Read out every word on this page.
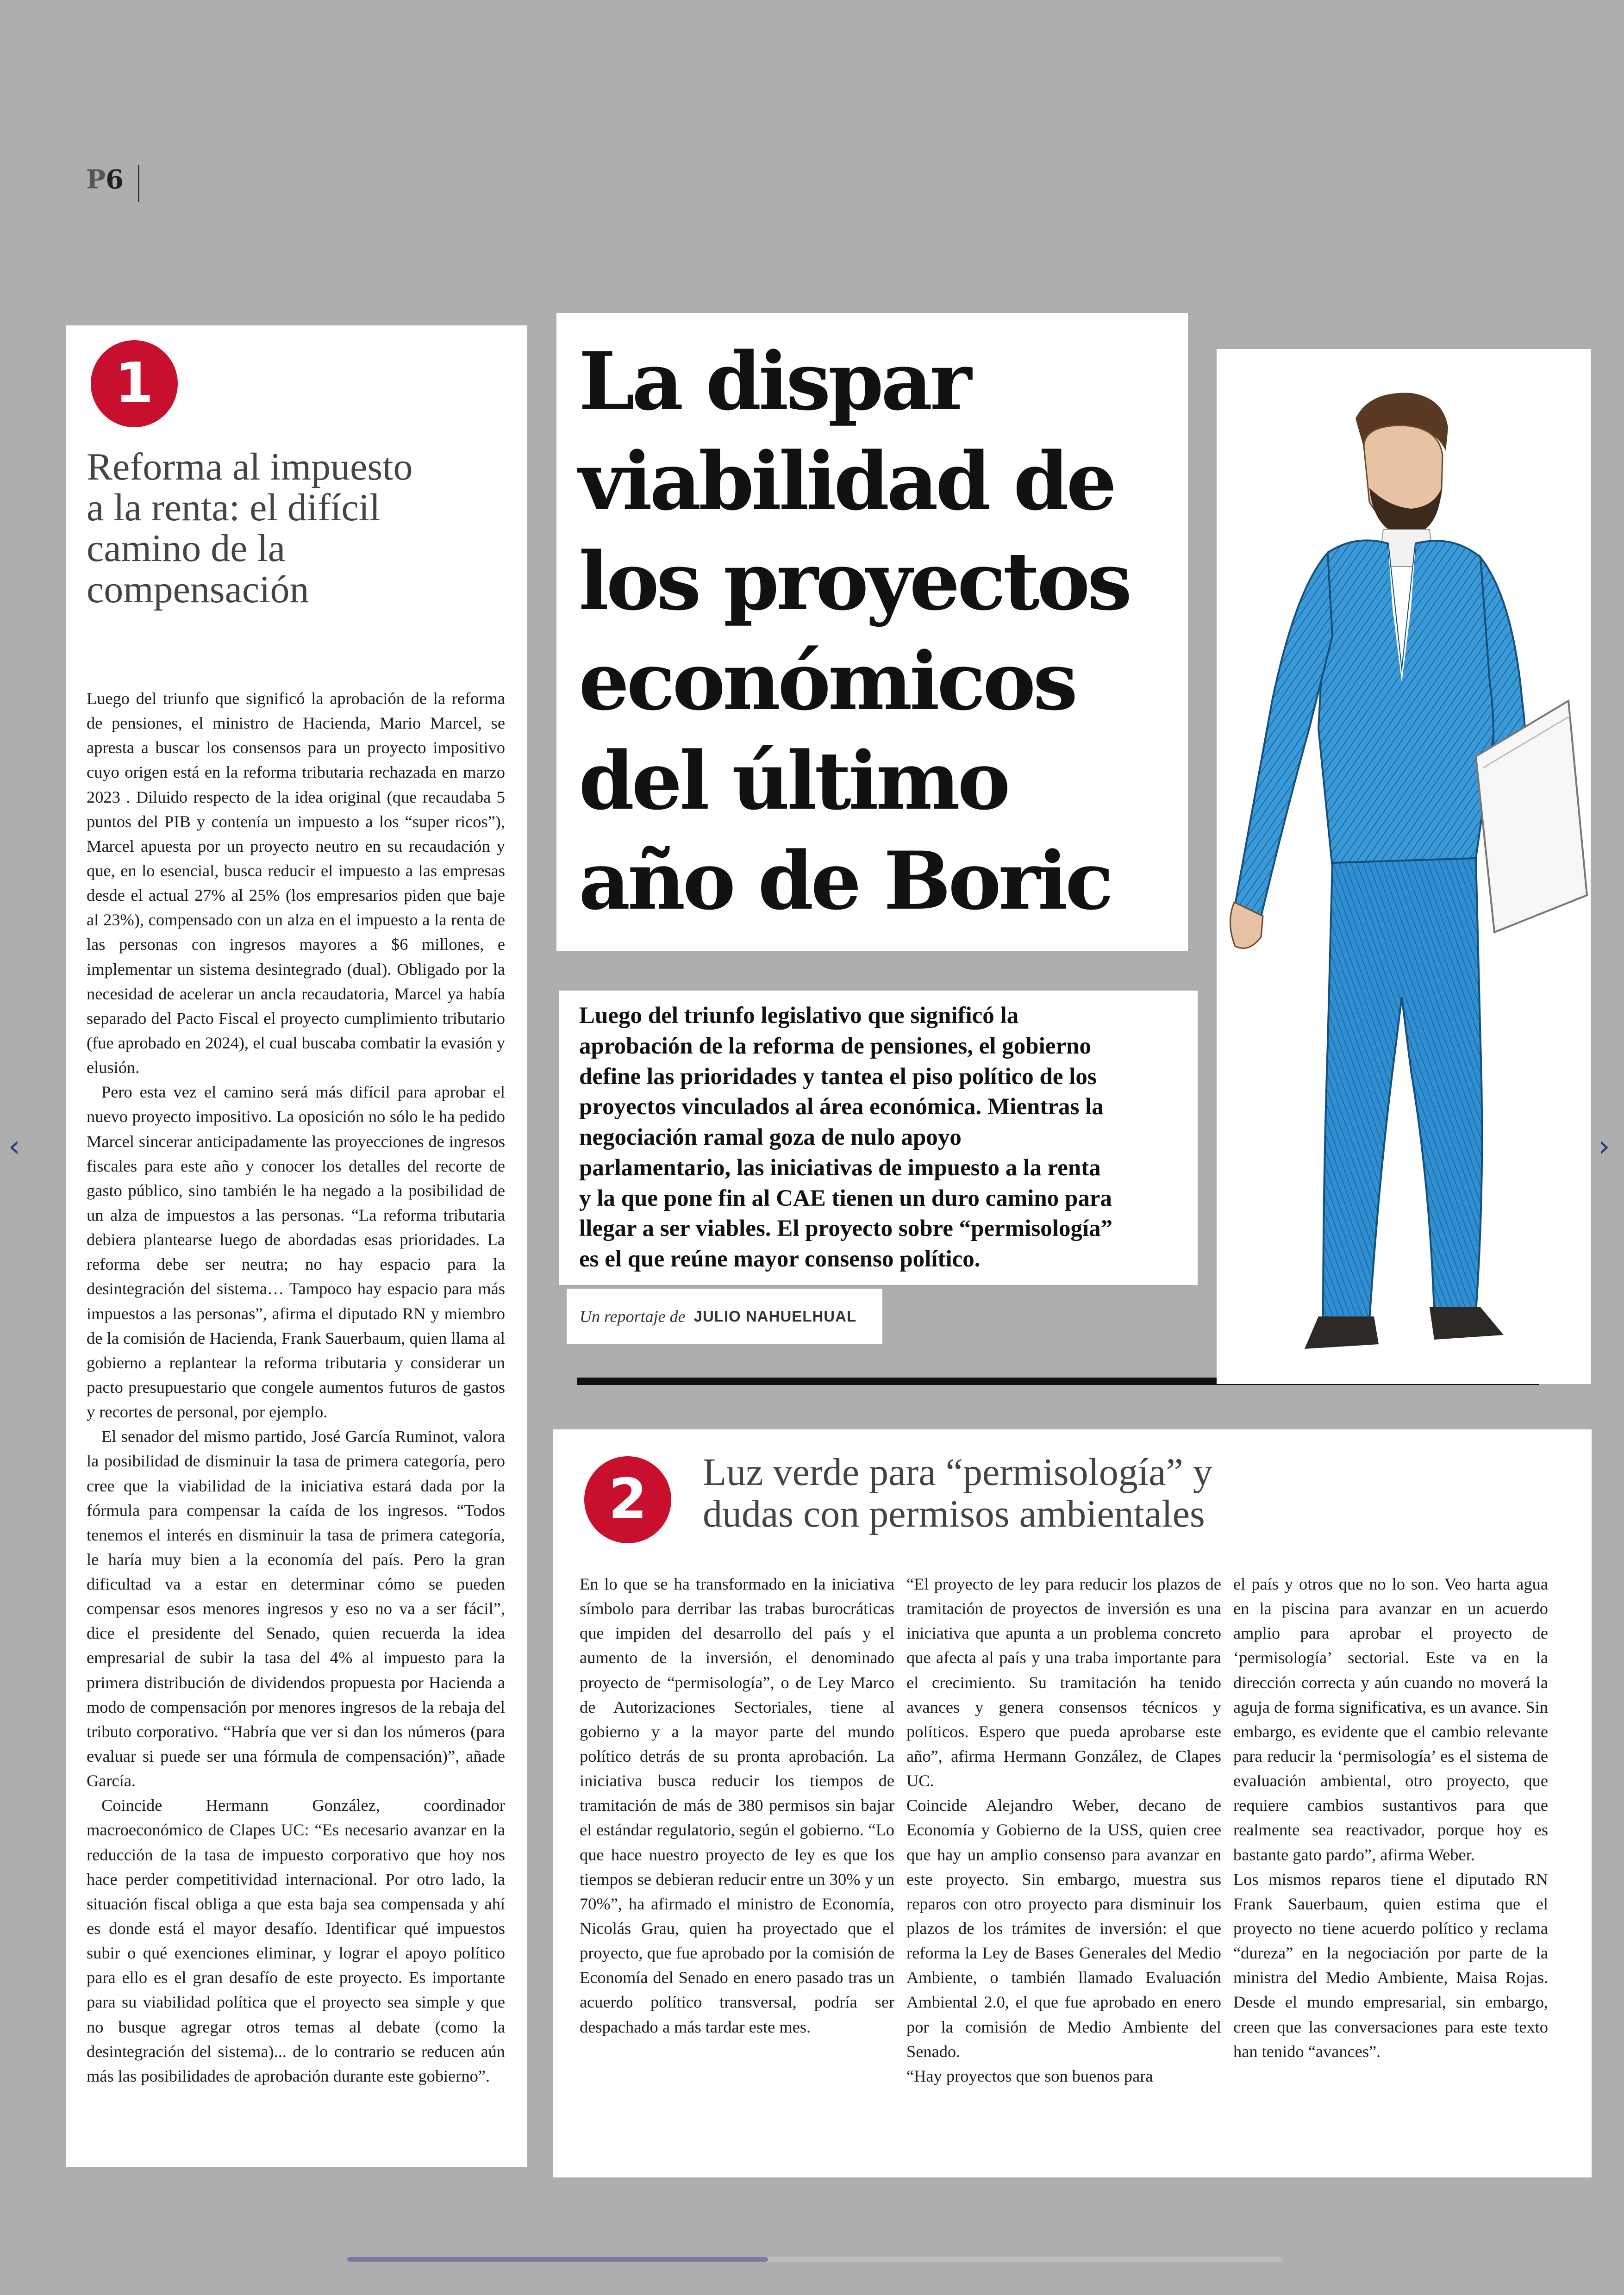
P6
‹	›
1
Reforma al impuesto
a la renta: el difícil
camino de la
compensación

Luego del triunfo que significó la aprobación de la reforma de pensiones, el ministro de Hacienda, Mario Marcel, se apresta a buscar los consensos para un proyecto impositivo cuyo origen está en la reforma tributaria rechazada en marzo 2023 . Diluido respecto de la idea original (que recaudaba 5 puntos del PIB y contenía un impuesto a los “super ricos”), Marcel apuesta por un proyecto neutro en su recaudación y que, en lo esencial, busca reducir el impuesto a las empresas desde el actual 27% al 25% (los empresarios piden que baje al 23%), compensado con un alza en el impuesto a la renta de las personas con ingresos mayores a $6 millones, e implementar un sistema desintegrado (dual). Obligado por la necesidad de acelerar un ancla recaudatoria, Marcel ya había separado del Pacto Fiscal el proyecto cumplimiento tributario (fue aprobado en 2024), el cual buscaba combatir la evasión y elusión.

Pero esta vez el camino será más difícil para aprobar el nuevo proyecto impositivo. La oposición no sólo le ha pedido Marcel sincerar anticipadamente las proyecciones de ingresos fiscales para este año y conocer los detalles del recorte de gasto público, sino también le ha negado a la posibilidad de un alza de impuestos a las personas. “La reforma tributaria debiera plantearse luego de abordadas esas prioridades. La reforma debe ser neutra; no hay espacio para la desintegración del sistema… Tampoco hay espacio para más impuestos a las personas”, afirma el diputado RN y miembro de la comisión de Hacienda, Frank Sauerbaum, quien llama al gobierno a replantear la reforma tributaria y considerar un pacto presupuestario que congele aumentos futuros de gastos y recortes de personal, por ejemplo.

El senador del mismo partido, José García Ruminot, valora la posibilidad de disminuir la tasa de primera categoría, pero cree que la viabilidad de la iniciativa estará dada por la fórmula para compensar la caída de los ingresos. “Todos tenemos el interés en disminuir la tasa de primera categoría, le haría muy bien a la economía del país. Pero la gran dificultad va a estar en determinar cómo se pueden compensar esos menores ingresos y eso no va a ser fácil”, dice el presidente del Senado, quien recuerda la idea empresarial de subir la tasa del 4% al impuesto para la primera distribución de dividendos propuesta por Hacienda a modo de compensación por menores ingresos de la rebaja del tributo corporativo. “Habría que ver si dan los números (para evaluar si puede ser una fórmula de compensación)”, añade García.

Coincide Hermann González, coordinador macroeconómico de Clapes UC: “Es necesario avanzar en la reducción de la tasa de impuesto corporativo que hoy nos hace perder competitividad internacional. Por otro lado, la situación fiscal obliga a que esta baja sea compensada y ahí es donde está el mayor desafío. Identificar qué impuestos subir o qué exenciones eliminar, y lograr el apoyo político para ello es el gran desafío de este proyecto. Es importante para su viabilidad política que el proyecto sea simple y que no busque agregar otros temas al debate (como la desintegración del sistema)... de lo contrario se reducen aún más las posibilidades de aprobación durante este gobierno”.

La dispar
viabilidad de
los proyectos
económicos
del último
año de Boric
Luego del triunfo legislativo que significó la
aprobación de la reforma de pensiones, el gobierno
define las prioridades y tantea el piso político de los
proyectos vinculados al área económica. Mientras la
negociación ramal goza de nulo apoyo
parlamentario, las iniciativas de impuesto a la renta
y la que pone fin al CAE tienen un duro camino para
llegar a ser viables. El proyecto sobre “permisología”
es el que reúne mayor consenso político.
Un reportaje de
JULIO NAHUELHUAL
2	Luz verde para “permisología” y
dudas con permisos ambientales

En lo que se ha transformado en la iniciativa símbolo para derribar las trabas burocráticas que impiden del desarrollo del país y el aumento de la inversión, el denominado proyecto de “permisología”, o de Ley Marco de Autorizaciones Sectoriales, tiene al gobierno y a la mayor parte del mundo político detrás de su pronta aprobación. La iniciativa busca reducir los tiempos de tramitación de más de 380 permisos sin bajar el estándar regulatorio, según el gobierno. “Lo que hace nuestro proyecto de ley es que los tiempos se debieran reducir entre un 30% y un 70%”, ha afirmado el ministro de Economía, Nicolás Grau, quien ha proyectado que el proyecto, que fue aprobado por la comisión de Economía del Senado en enero pasado tras un acuerdo político transversal, podría ser despachado a más tardar este mes.

“El proyecto de ley para reducir los plazos de tramitación de proyectos de inversión es una iniciativa que apunta a un problema concreto que afecta al país y una traba importante para el crecimiento. Su tramitación ha tenido avances y genera consensos técnicos y políticos. Espero que pueda aprobarse este año”, afirma Hermann González, de Clapes UC.

Coincide Alejandro Weber, decano de Economía y Gobierno de la USS, quien cree que hay un amplio consenso para avanzar en este proyecto. Sin embargo, muestra sus reparos con otro proyecto para disminuir los plazos de los trámites de inversión: el que reforma la Ley de Bases Generales del Medio Ambiente, o también llamado Evaluación Ambiental 2.0, el que fue aprobado en enero por la comisión de Medio Ambiente del Senado.

“Hay proyectos que son buenos para

el país y otros que no lo son. Veo harta agua en la piscina para avanzar en un acuerdo amplio para aprobar el proyecto de ‘permisología’ sectorial. Este va en la dirección correcta y aún cuando no moverá la aguja de forma significativa, es un avance. Sin embargo, es evidente que el cambio relevante para reducir la ‘permisología’ es el sistema de evaluación ambiental, otro proyecto, que requiere cambios sustantivos para que realmente sea reactivador, porque hoy es bastante gato pardo”, afirma Weber.

Los mismos reparos tiene el diputado RN Frank Sauerbaum, quien estima que el proyecto no tiene acuerdo político y reclama “dureza” en la negociación por parte de la ministra del Medio Ambiente, Maisa Rojas. Desde el mundo empresarial, sin embargo, creen que las conversaciones para este texto han tenido “avances”.
